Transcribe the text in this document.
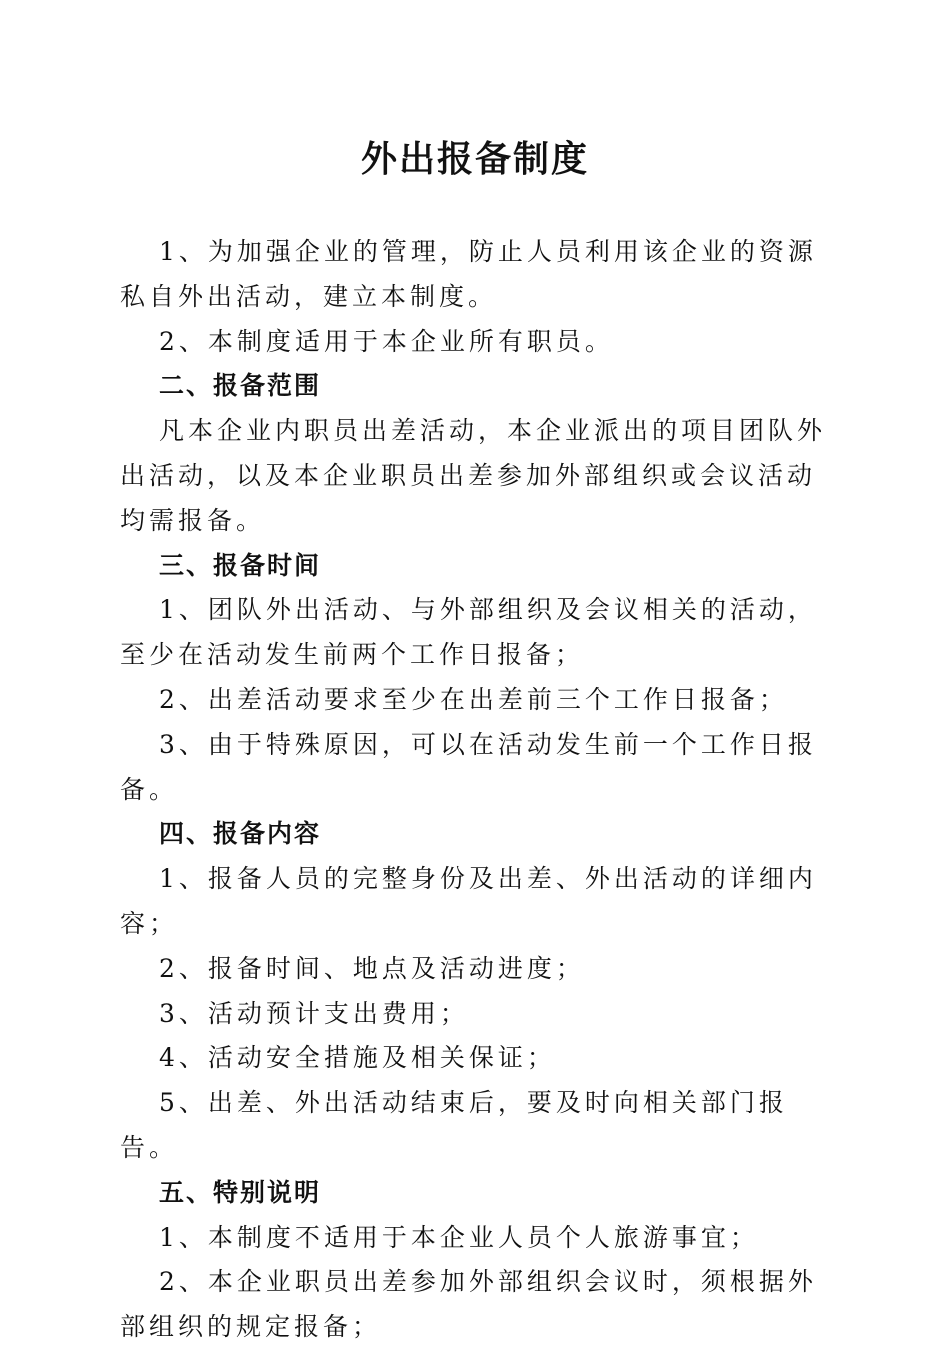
外出报备制度

1、为加强企业的管理，防止人员利用该企业的资源私自外出活动，建立本制度。

2、本制度适用于本企业所有职员。

二、报备范围

凡本企业内职员出差活动，本企业派出的项目团队外出活动，以及本企业职员出差参加外部组织或会议活动均需报备。

三、报备时间

1、团队外出活动、与外部组织及会议相关的活动，至少在活动发生前两个工作日报备；

2、出差活动要求至少在出差前三个工作日报备；

3、由于特殊原因，可以在活动发生前一个工作日报备。

四、报备内容

1、报备人员的完整身份及出差、外出活动的详细内容；

2、报备时间、地点及活动进度；

3、活动预计支出费用；

4、活动安全措施及相关保证；

5、出差、外出活动结束后，要及时向相关部门报告。

五、特别说明

1、本制度不适用于本企业人员个人旅游事宜；

2、本企业职员出差参加外部组织会议时，须根据外部组织的规定报备；
